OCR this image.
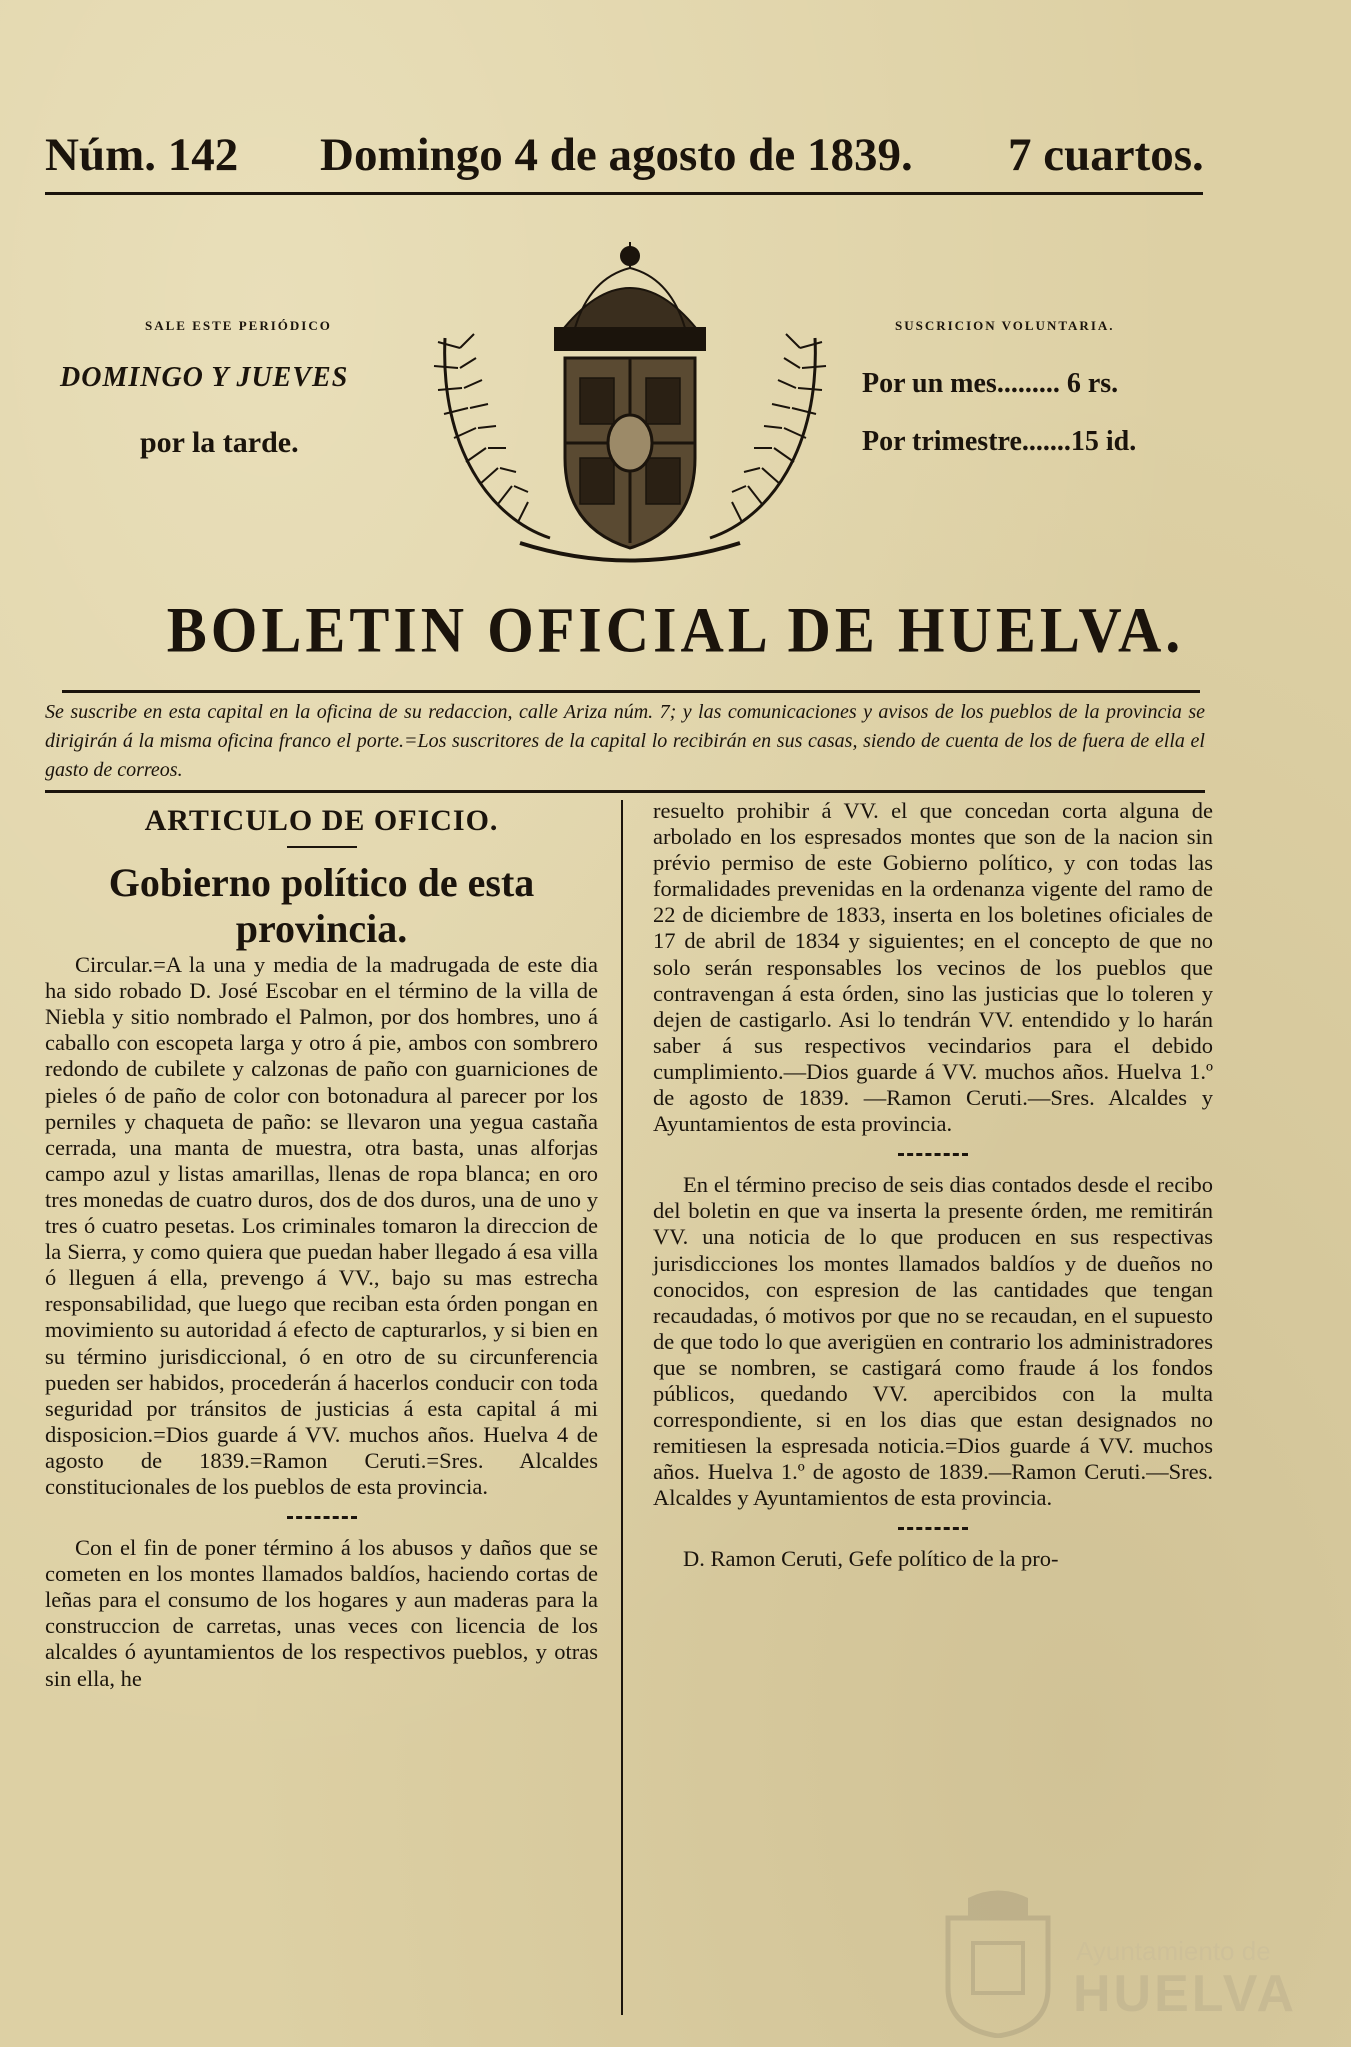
Núm. 142 Domingo 4 de agosto de 1839. 7 cuartos.
SALE ESTE PERIÓDICO
DOMINGO Y JUEVES
por la tarde.
SUSCRICION VOLUNTARIA.
Por un mes......... 6 rs.
Por trimestre.......15 id.
BOLETIN OFICIAL DE HUELVA.
Se suscribe en esta capital en la oficina de su redaccion, calle Ariza núm. 7; y las comunicaciones y avisos de los pueblos de la provincia se dirigirán á la misma oficina franco el porte.=Los suscritores de la capital lo recibirán en sus casas, siendo de cuenta de los de fuera de ella el gasto de correos.
ARTICULO DE OFICIO.
Gobierno político de esta provincia.

Circular.=A la una y media de la madrugada de este dia ha sido robado D. José Escobar en el término de la villa de Niebla y sitio nombrado el Palmon, por dos hombres, uno á caballo con escopeta larga y otro á pie, ambos con sombrero redondo de cubilete y calzonas de paño con guarniciones de pieles ó de paño de color con botonadura al parecer por los perniles y chaqueta de paño: se llevaron una yegua castaña cerrada, una manta de muestra, otra basta, unas alforjas campo azul y listas amarillas, llenas de ropa blanca; en oro tres monedas de cuatro duros, dos de dos duros, una de uno y tres ó cuatro pesetas. Los criminales tomaron la direccion de la Sierra, y como quiera que puedan haber llegado á esa villa ó lleguen á ella, prevengo á VV., bajo su mas estrecha responsabilidad, que luego que reciban esta órden pongan en movimiento su autoridad á efecto de capturarlos, y si bien en su término jurisdiccional, ó en otro de su circunferencia pueden ser habidos, procederán á hacerlos conducir con toda seguridad por tránsitos de justicias á esta capital á mi disposicion.=Dios guarde á VV. muchos años. Huelva 4 de agosto de 1839.=Ramon Ceruti.=Sres. Alcaldes constitucionales de los pueblos de esta provincia.

Con el fin de poner término á los abusos y daños que se cometen en los montes llamados baldíos, haciendo cortas de leñas para el consumo de los hogares y aun maderas para la construccion de carretas, unas veces con licencia de los alcaldes ó ayuntamientos de los respectivos pueblos, y otras sin ella, he

resuelto prohibir á VV. el que concedan corta alguna de arbolado en los espresados montes que son de la nacion sin prévio permiso de este Gobierno político, y con todas las formalidades prevenidas en la ordenanza vigente del ramo de 22 de diciembre de 1833, inserta en los boletines oficiales de 17 de abril de 1834 y siguientes; en el concepto de que no solo serán responsables los vecinos de los pueblos que contravengan á esta órden, sino las justicias que lo toleren y dejen de castigarlo. Asi lo tendrán VV. entendido y lo harán saber á sus respectivos vecindarios para el debido cumplimiento.—Dios guarde á VV. muchos años. Huelva 1.º de agosto de 1839. —Ramon Ceruti.—Sres. Alcaldes y Ayuntamientos de esta provincia.

En el término preciso de seis dias contados desde el recibo del boletin en que va inserta la presente órden, me remitirán VV. una noticia de lo que producen en sus respectivas jurisdicciones los montes llamados baldíos y de dueños no conocidos, con espresion de las cantidades que tengan recaudadas, ó motivos por que no se recaudan, en el supuesto de que todo lo que averigüen en contrario los administradores que se nombren, se castigará como fraude á los fondos públicos, quedando VV. apercibidos con la multa correspondiente, si en los dias que estan designados no remitiesen la espresada noticia.=Dios guarde á VV. muchos años. Huelva 1.º de agosto de 1839.—Ramon Ceruti.—Sres. Alcaldes y Ayuntamientos de esta provincia.

D. Ramon Ceruti, Gefe político de la pro-

Ayuntamiento de
HUELVA
